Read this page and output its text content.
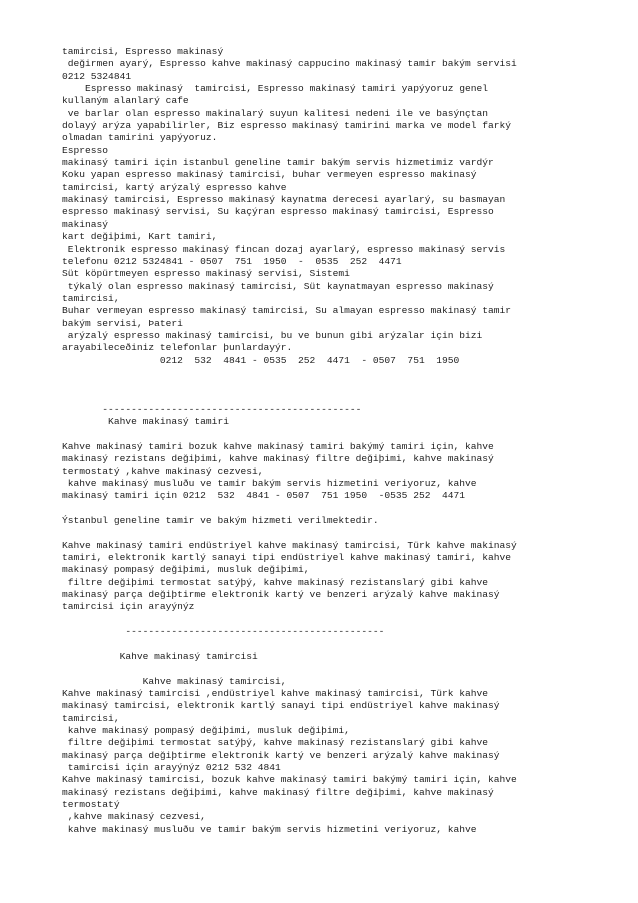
tamircisi, Espresso makinasý
değirmen ayarý, Espresso kahve makinasý cappucino makinasý tamir bakým servisi
0212 5324841
Espresso makinasý  tamircisi, Espresso makinasý tamiri yapýyoruz genel
kullaným alanlarý cafe
ve barlar olan espresso makinalarý suyun kalitesi nedeni ile ve basýnçtan
dolayý arýza yapabilirler, Biz espresso makinasý tamirini marka ve model farký
olmadan tamirini yapýyoruz.
Espresso
makinasý tamiri için istanbul geneline tamir bakým servis hizmetimiz vardýr
Koku yapan espresso makinasý tamircisi, buhar vermeyen espresso makinasý
tamircisi, kartý arýzalý espresso kahve
makinasý tamircisi, Espresso makinasý kaynatma derecesi ayarlarý, su basmayan
espresso makinasý servisi, Su kaçýran espresso makinasý tamircisi, Espresso
makinasý
kart değiþimi, Kart tamiri,
Elektronik espresso makinasý fincan dozaj ayarlarý, espresso makinasý servis
telefonu 0212 5324841 - 0507  751  1950  -  0535  252  4471
Süt köpürtmeyen espresso makinasý servisi, Sistemi
týkalý olan espresso makinasý tamircisi, Süt kaynatmayan espresso makinasý
tamircisi,
Buhar vermeyan espresso makinasý tamircisi, Su almayan espresso makinasý tamir
bakým servisi, Þateri
arýzalý espresso makinasý tamircisi, bu ve bunun gibi arýzalar için bizi
arayabileceðiniz telefonlar þunlardayýr.
0212  532  4841 - 0535  252  4471  - 0507  751  1950

---------------------------------------------
Kahve makinasý tamiri

Kahve makinasý tamiri bozuk kahve makinasý tamiri bakýmý tamiri için, kahve
makinasý rezistans değiþimi, kahve makinasý filtre değiþimi, kahve makinasý
termostatý ,kahve makinasý cezvesi,
kahve makinasý musluðu ve tamir bakým servis hizmetini veriyoruz, kahve
makinasý tamiri için 0212  532  4841 - 0507  751 1950  -0535 252  4471

Ýstanbul geneline tamir ve bakým hizmeti verilmektedir.

Kahve makinasý tamiri endüstriyel kahve makinasý tamircisi, Türk kahve makinasý
tamiri, elektronik kartlý sanayi tipi endüstriyel kahve makinasý tamiri, kahve
makinasý pompasý değiþimi, musluk değiþimi,
filtre değiþimi termostat satýþý, kahve makinasý rezistanslarý gibi kahve
makinasý parça değiþtirme elektronik kartý ve benzeri arýzalý kahve makinasý
tamircisi için arayýnýz

---------------------------------------------

Kahve makinasý tamircisi

Kahve makinasý tamircisi,
Kahve makinasý tamircisi ,endüstriyel kahve makinasý tamircisi, Türk kahve
makinasý tamircisi, elektronik kartlý sanayi tipi endüstriyel kahve makinasý
tamircisi,
kahve makinasý pompasý değiþimi, musluk değiþimi,
filtre değiþimi termostat satýþý, kahve makinasý rezistanslarý gibi kahve
makinasý parça değiþtirme elektronik kartý ve benzeri arýzalý kahve makinasý
tamircisi için arayýnýz 0212 532 4841
Kahve makinasý tamircisi, bozuk kahve makinasý tamiri bakýmý tamiri için, kahve
makinasý rezistans değiþimi, kahve makinasý filtre değiþimi, kahve makinasý
termostatý
,kahve makinasý cezvesi,
kahve makinasý musluðu ve tamir bakým servis hizmetini veriyoruz, kahve
